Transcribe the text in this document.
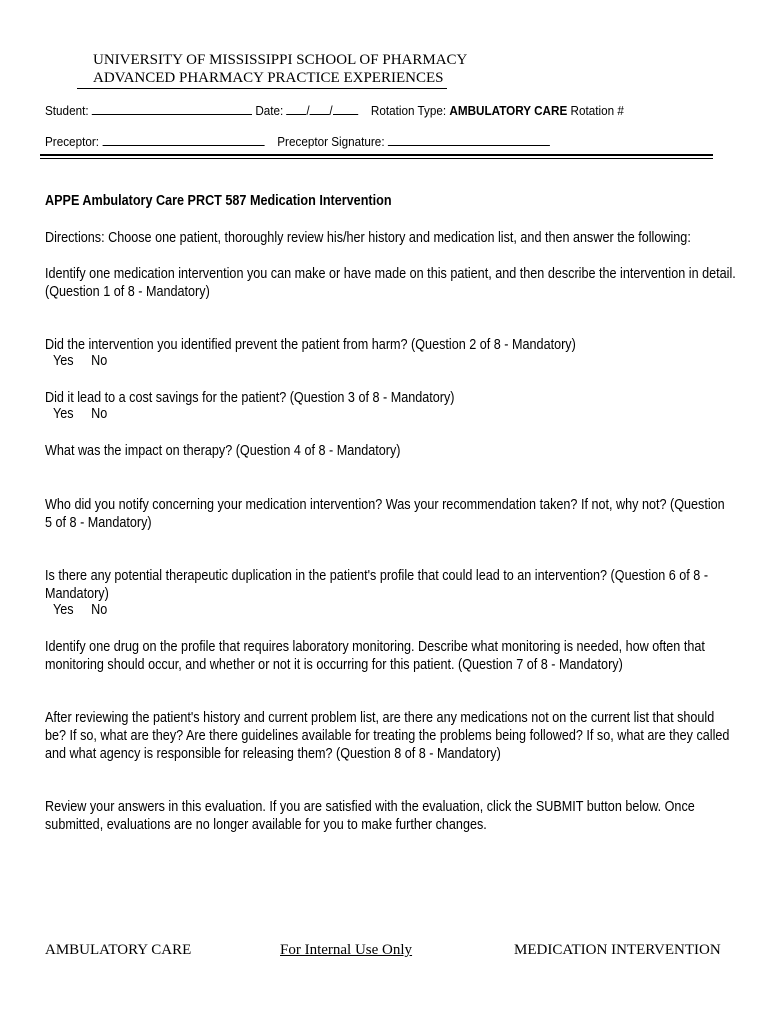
UNIVERSITY OF MISSISSIPPI SCHOOL OF PHARMACY
ADVANCED PHARMACY PRACTICE EXPERIENCES
Student:	Date: / /	Rotation Type: AMBULATORY CARE Rotation #
Preceptor:	Preceptor Signature:
APPE Ambulatory Care PRCT 587 Medication Intervention
Directions: Choose one patient, thoroughly review his/her history and medication list, and then answer the following:
Identify one medication intervention you can make or have made on this patient, and then describe the intervention in detail.
(Question 1 of 8 - Mandatory)
Did the intervention you identified prevent the patient from harm? (Question 2 of 8 - Mandatory)
Yes No
Did it lead to a cost savings for the patient? (Question 3 of 8 - Mandatory)
Yes No
What was the impact on therapy? (Question 4 of 8 - Mandatory)
Who did you notify concerning your medication intervention? Was your recommendation taken? If not, why not? (Question
5 of 8 - Mandatory)
Is there any potential therapeutic duplication in the patient's profile that could lead to an intervention? (Question 6 of 8 -
Mandatory)
Yes No
Identify one drug on the profile that requires laboratory monitoring. Describe what monitoring is needed, how often that
monitoring should occur, and whether or not it is occurring for this patient. (Question 7 of 8 - Mandatory)
After reviewing the patient's history and current problem list, are there any medications not on the current list that should
be? If so, what are they? Are there guidelines available for treating the problems being followed? If so, what are they called
and what agency is responsible for releasing them? (Question 8 of 8 - Mandatory)
Review your answers in this evaluation. If you are satisfied with the evaluation, click the SUBMIT button below. Once
submitted, evaluations are no longer available for you to make further changes.
AMBULATORY CARE	For Internal Use Only	MEDICATION INTERVENTION
